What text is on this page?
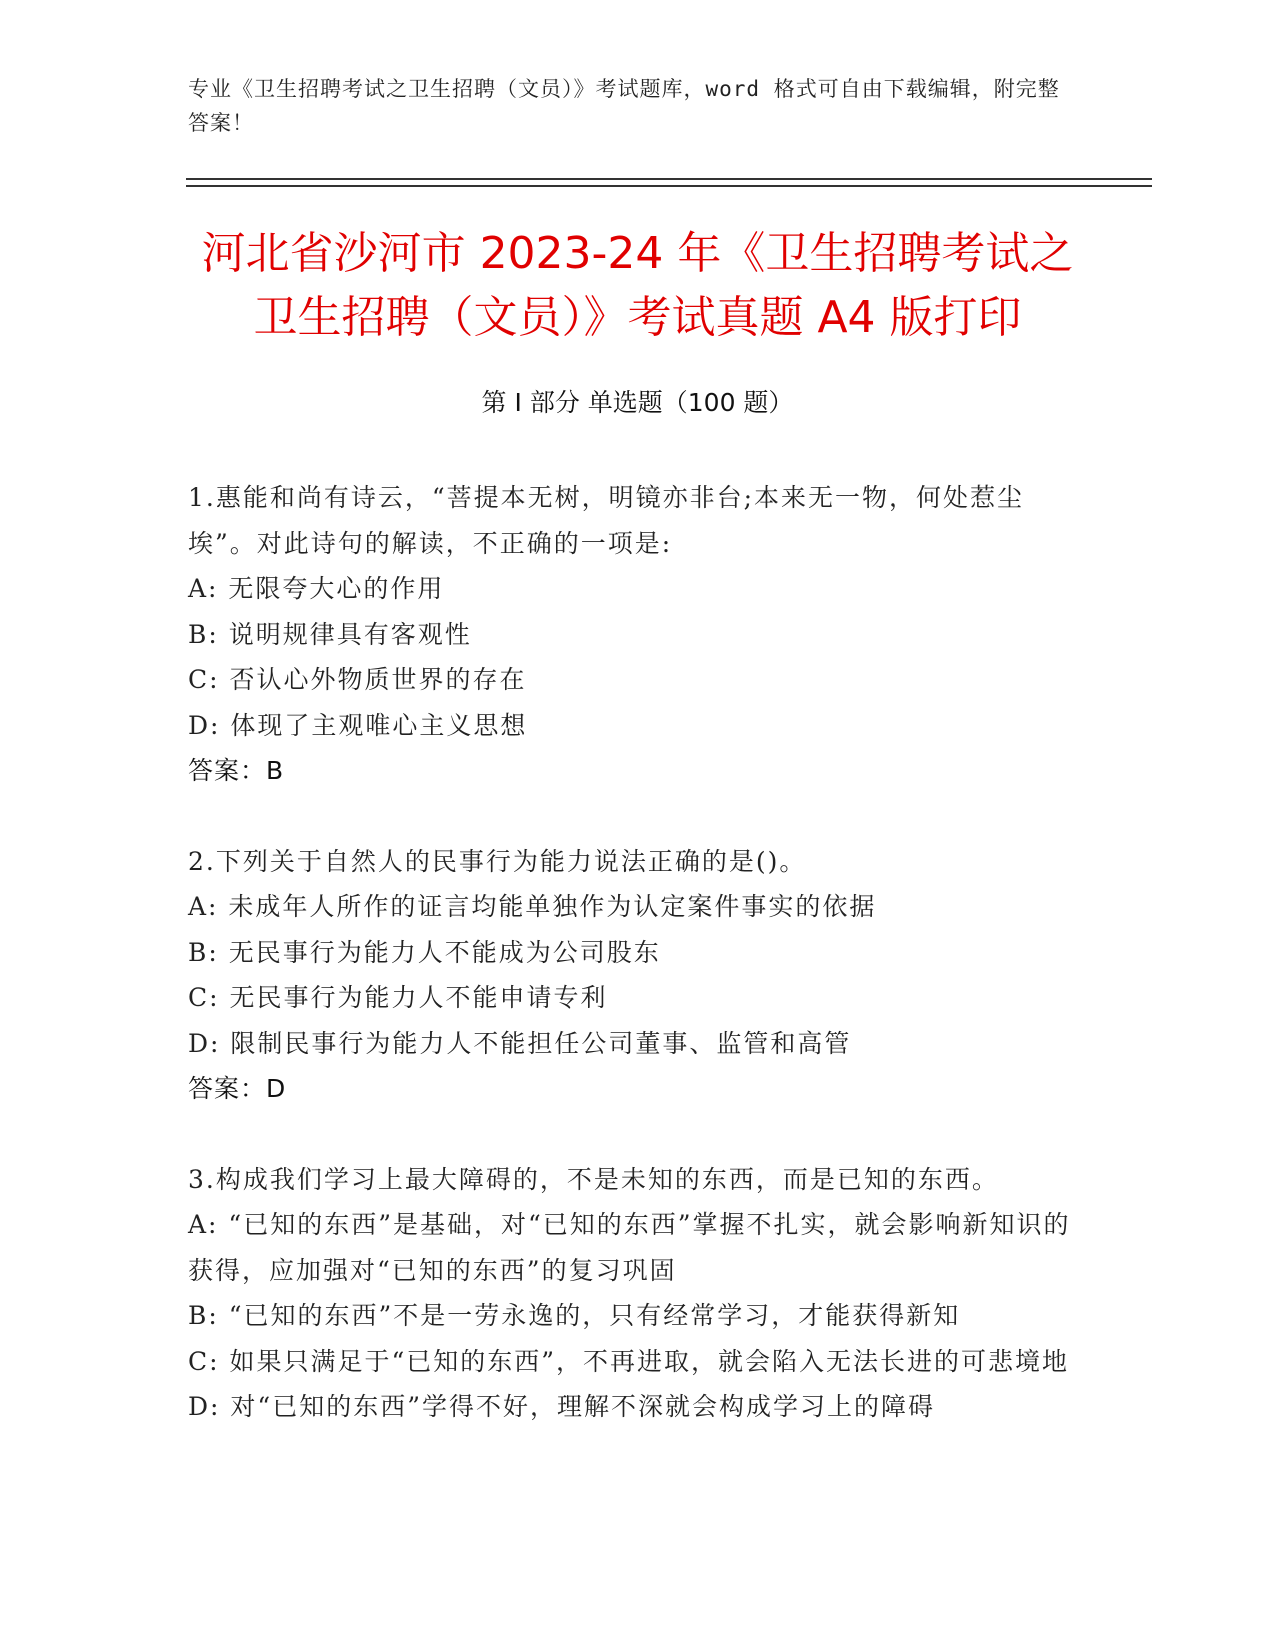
专业《卫生招聘考试之卫生招聘（文员）》考试题库，word 格式可自由下载编辑，附完整答案！
河北省沙河市 2023-24 年《卫生招聘考试之
卫生招聘（文员）》考试真题 A4 版打印
第 I 部分 单选题（100 题）

1.惠能和尚有诗云，“菩提本无树，明镜亦非台;本来无一物，何处惹尘埃”。对此诗句的解读，不正确的一项是:

A: 无限夸大心的作用

B: 说明规律具有客观性

C: 否认心外物质世界的存在

D: 体现了主观唯心主义思想

答案：B

2.下列关于自然人的民事行为能力说法正确的是()。

A: 未成年人所作的证言均能单独作为认定案件事实的依据

B: 无民事行为能力人不能成为公司股东

C: 无民事行为能力人不能申请专利

D: 限制民事行为能力人不能担任公司董事、监管和高管

答案：D

3.构成我们学习上最大障碍的，不是未知的东西，而是已知的东西。

A: “已知的东西”是基础，对“已知的东西”掌握不扎实，就会影响新知识的获得，应加强对“已知的东西”的复习巩固

B: “已知的东西”不是一劳永逸的，只有经常学习，才能获得新知

C: 如果只满足于“已知的东西”，不再进取，就会陷入无法长进的可悲境地

D: 对“已知的东西”学得不好，理解不深就会构成学习上的障碍
